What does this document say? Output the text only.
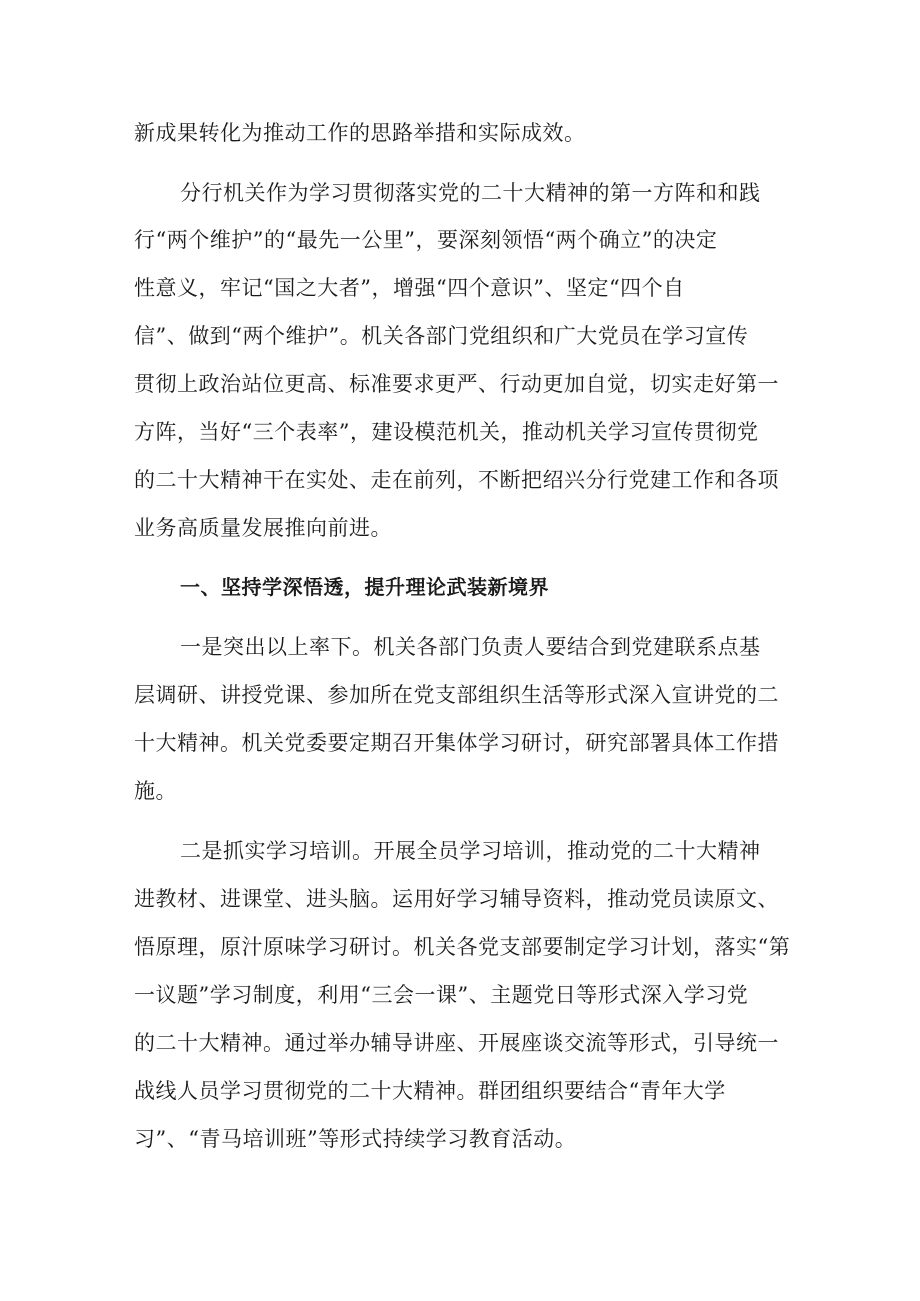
新成果转化为推动工作的思路举措和实际成效。
分行机关作为学习贯彻落实党的二十大精神的第一方阵和和践
行“两个维护”的“最先一公里”，要深刻领悟“两个确立”的决定
性意义，牢记“国之大者”，增强“四个意识”、坚定“四个自
信”、做到“两个维护”。机关各部门党组织和广大党员在学习宣传
贯彻上政治站位更高、标准要求更严、行动更加自觉，切实走好第一
方阵，当好“三个表率”，建设模范机关，推动机关学习宣传贯彻党
的二十大精神干在实处、走在前列，不断把绍兴分行党建工作和各项
业务高质量发展推向前进。
一、坚持学深悟透，提升理论武装新境界
一是突出以上率下。机关各部门负责人要结合到党建联系点基
层调研、讲授党课、参加所在党支部组织生活等形式深入宣讲党的二
十大精神。机关党委要定期召开集体学习研讨，研究部署具体工作措
施。
二是抓实学习培训。开展全员学习培训，推动党的二十大精神
进教材、进课堂、进头脑。运用好学习辅导资料，推动党员读原文、
悟原理，原汁原味学习研讨。机关各党支部要制定学习计划，落实“第
一议题”学习制度，利用“三会一课”、主题党日等形式深入学习党
的二十大精神。通过举办辅导讲座、开展座谈交流等形式，引导统一
战线人员学习贯彻党的二十大精神。群团组织要结合“青年大学
习”、“青马培训班”等形式持续学习教育活动。
